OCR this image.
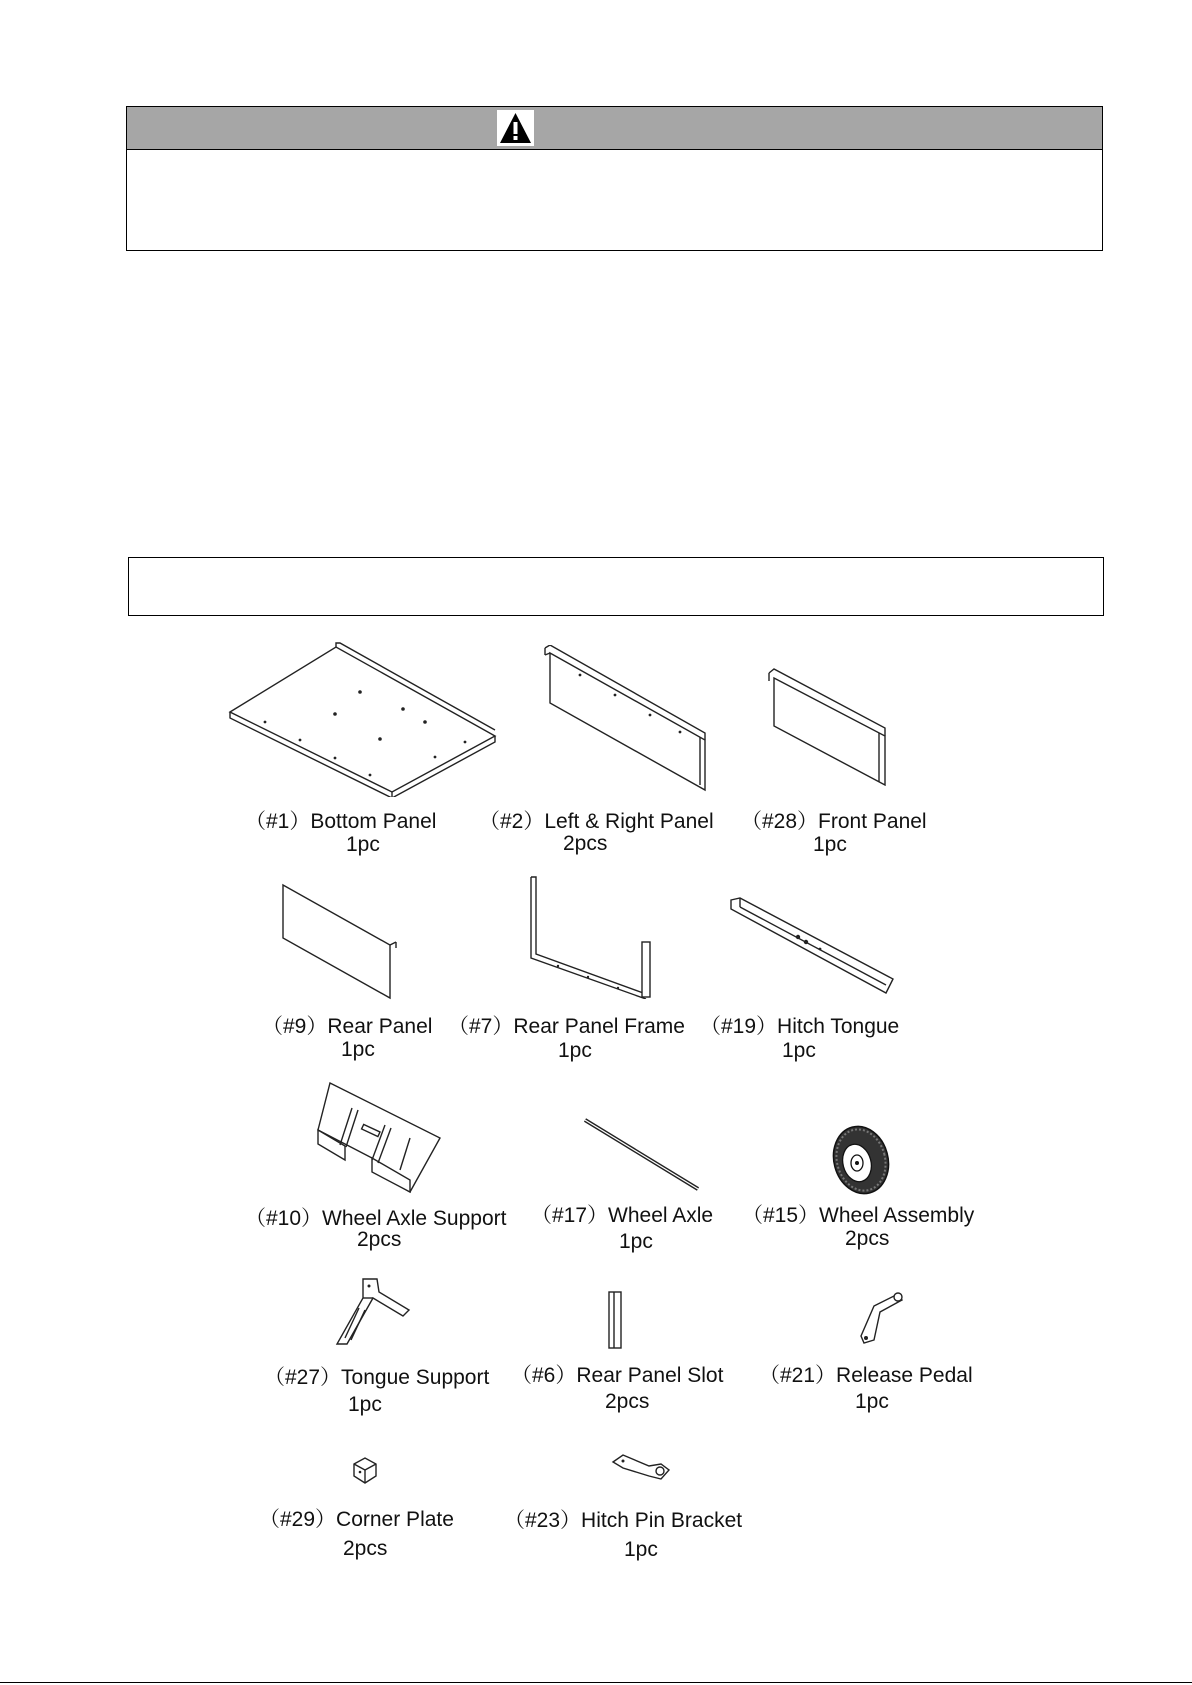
（#1）Bottom Panel
1pc
（#2）Left & Right Panel
2pcs
（#28）Front Panel
1pc
（#9）Rear Panel
1pc
（#7）Rear Panel Frame
1pc
（#19）Hitch Tongue
1pc
（#10）Wheel Axle Support
2pcs
（#17）Wheel Axle
1pc
（#15）Wheel Assembly
2pcs
（#27）Tongue Support
1pc
（#6）Rear Panel Slot
2pcs
（#21）Release Pedal
1pc
（#29）Corner Plate
2pcs
（#23）Hitch Pin Bracket
1pc
